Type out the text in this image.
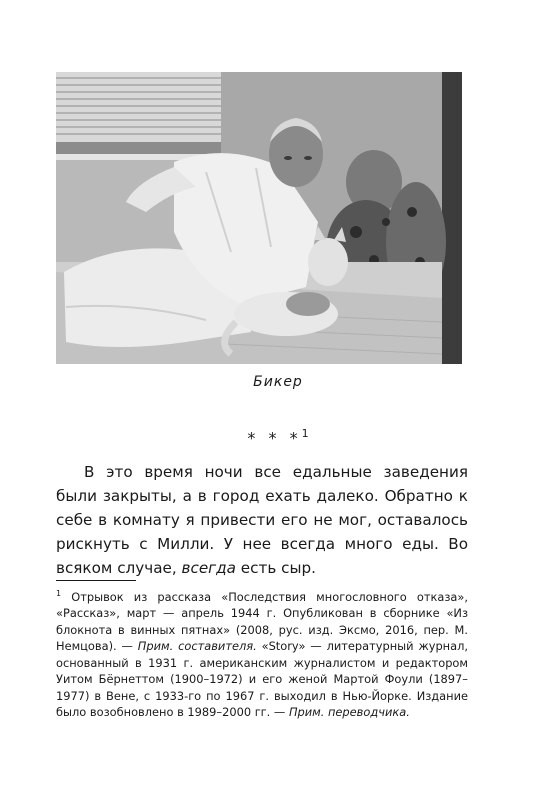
Бикер
* * *$^1$

В это время ночи все едальные заведения были закрыты, а в город ехать далеко. Обратно к себе в комнату я привести его не мог, оставалось рискнуть с Милли. У нее всегда много еды. Во всяком случае, всегда есть сыр.

$^1$ Отрывок из рассказа «Последствия многословного отказа», «Рассказ», март — апрель 1944 г. Опубликован в сборнике «Из блокнота в винных пятнах» (2008, рус. изд. Эксмо, 2016, пер. М. Немцова). — Прим. составителя. «Story» — литературный журнал, основанный в 1931 г. американским журналистом и редактором Уитом Бёрнеттом (1900–1972) и его женой Мартой Фоули (1897–1977) в Вене, с 1933-го по 1967 г. выходил в Нью-Йорке. Издание было возобновлено в 1989–2000 гг. — Прим. переводчика.
